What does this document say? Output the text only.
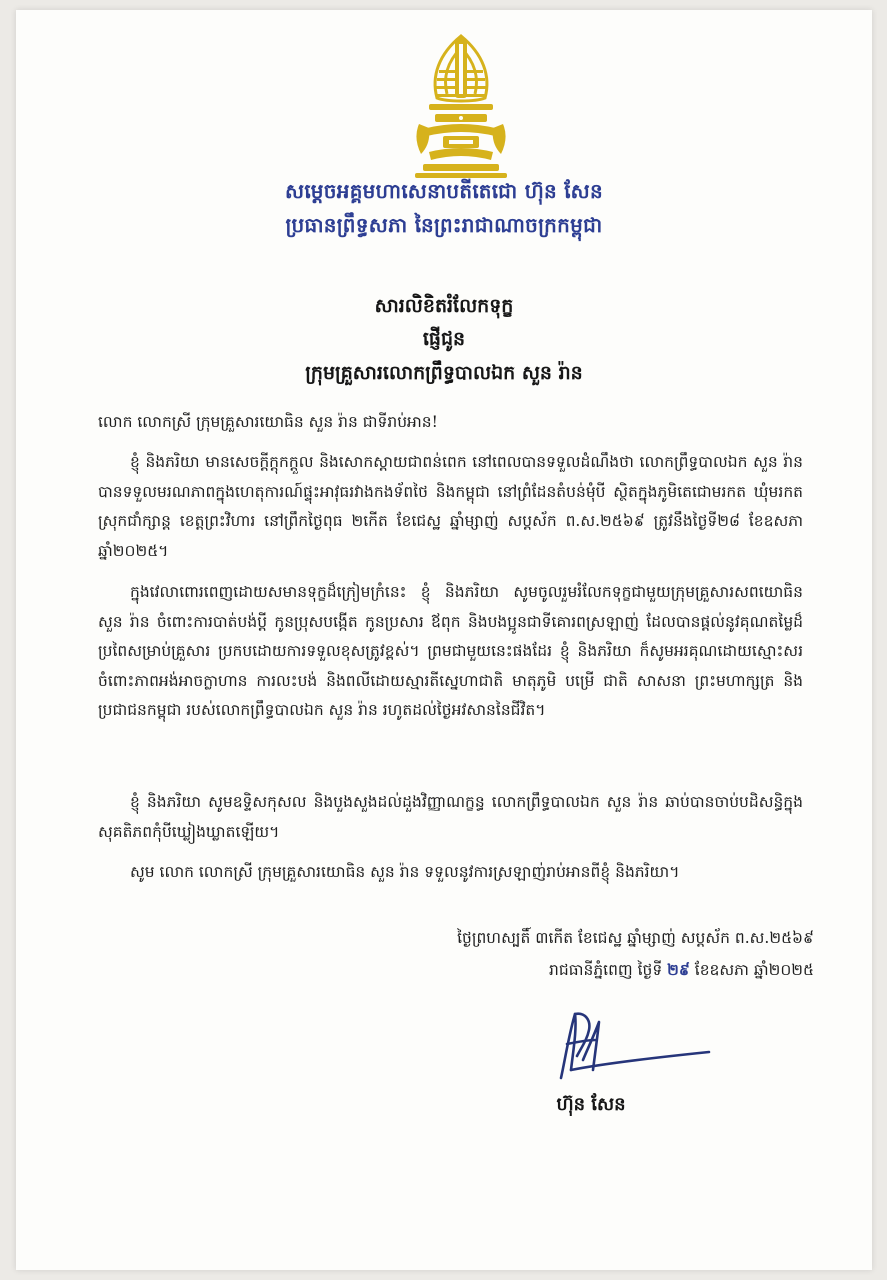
សម្ដេចអគ្គមហាសេនាបតីតេជោ ហ៊ុន សែន
ប្រធានព្រឹទ្ធសភា នៃព្រះរាជាណាចក្រកម្ពុជា
សារលិខិតរំលែកទុក្ខ
ផ្ញើជូន
ក្រុមគ្រួសារលោកព្រឹទ្ធបាលឯក សួន រ៉ាន
លោក លោកស្រី ក្រុមគ្រួសារយោធិន សួន រ៉ាន ជាទីរាប់អាន!
ខ្ញុំ និងភរិយា មានសេចក្ដីក្ដុកក្ដួល និងសោកស្ដាយជាពន់ពេក នៅពេលបានទទួលដំណឹងថា លោកព្រឹទ្ធបាលឯក សួន រ៉ាន បានទទួលមរណភាពក្នុងហេតុការណ៍ផ្ទុះអាវុធរវាងកងទ័ពថៃ និងកម្ពុជា នៅព្រំដែនតំបន់មុំបី ស្ថិតក្នុងភូមិតេជោមរកត ឃុំមរកត ស្រុកជាំក្សាន្ដ ខេត្តព្រះវិហារ នៅព្រឹកថ្ងៃពុធ ២កើត ខែជេស្ឋ ឆ្នាំម្សាញ់ សប្តស័ក ព.ស.២៥៦៩ ត្រូវនឹងថ្ងៃទី២៨ ខែឧសភា ឆ្នាំ២០២៥។
ក្នុងវេលាពោរពេញដោយសមានទុក្ខដ៏ក្រៀមក្រំនេះ ខ្ញុំ និងភរិយា សូមចូលរួមរំលែកទុក្ខជាមួយក្រុមគ្រួសារសពយោធិន សួន រ៉ាន ចំពោះការបាត់បង់ប្ដី កូនប្រុសបង្កើត កូនប្រសារ ឪពុក និងបងប្អូនជាទីគោរពស្រឡាញ់ ដែលបានផ្ដល់នូវគុណតម្លៃដ៏ប្រពៃសម្រាប់គ្រួសារ ប្រកបដោយការទទួលខុសត្រូវខ្ពស់។ ព្រមជាមួយនេះផងដែរ ខ្ញុំ និងភរិយា ក៏សូមអរគុណដោយស្មោះសរ ចំពោះភាពអង់អាចក្លាហាន ការលះបង់ និងពលីដោយស្មារតីស្នេហាជាតិ មាតុភូមិ បម្រើ ជាតិ សាសនា ព្រះមហាក្សត្រ និងប្រជាជនកម្ពុជា របស់លោកព្រឹទ្ធបាលឯក សួន រ៉ាន រហូតដល់ថ្ងៃអវសាននៃជីវិត។
ខ្ញុំ និងភរិយា សូមឧទ្ទិសកុសល និងបួងសួងដល់ដួងវិញ្ញាណក្ខន្ធ លោកព្រឹទ្ធបាលឯក សួន រ៉ាន ឆាប់បានចាប់បដិសន្ធិក្នុងសុគតិភពកុំបីឃ្លៀងឃ្លាតឡើយ។
សូម លោក លោកស្រី ក្រុមគ្រួសារយោធិន សួន រ៉ាន ទទួលនូវការស្រឡាញ់រាប់អានពីខ្ញុំ និងភរិយា។
ថ្ងៃព្រហស្បតិ៍ ៣កើត ខែជេស្ឋ ឆ្នាំម្សាញ់ សប្តស័ក ព.ស.២៥៦៩
រាជធានីភ្នំពេញ ថ្ងៃទី ២៩ ខែឧសភា ឆ្នាំ២០២៥
ហ៊ុន សែន
